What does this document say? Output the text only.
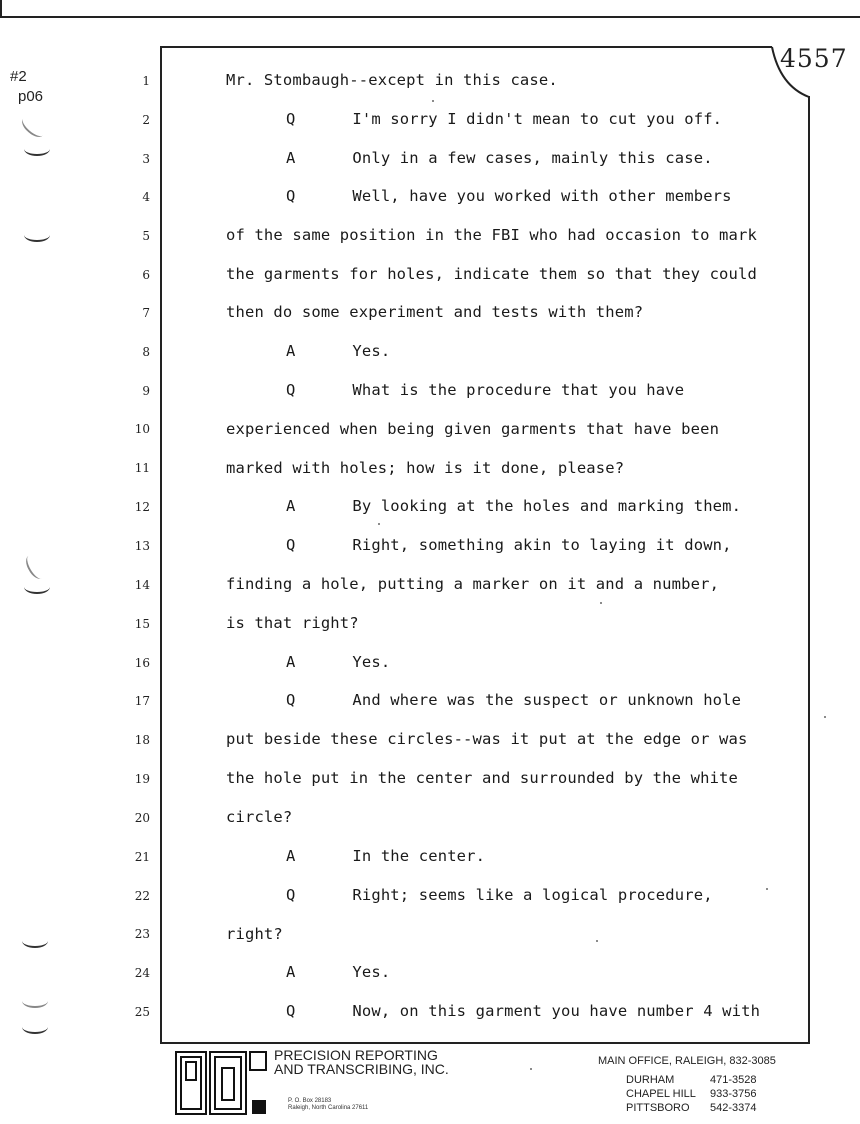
#2
p06
4557
1
2
3
4
5
6
7
8
9
10
11
12
13
14
15
16
17
18
19
20
21
22
23
24
25
Mr. Stombaugh--except in this case.
Q      I'm sorry I didn't mean to cut you off.
A      Only in a few cases, mainly this case.
Q      Well, have you worked with other members
of the same position in the FBI who had occasion to mark
the garments for holes, indicate them so that they could
then do some experiment and tests with them?
A      Yes.
Q      What is the procedure that you have
experienced when being given garments that have been
marked with holes; how is it done, please?
A      By looking at the holes and marking them.
Q      Right, something akin to laying it down,
finding a hole, putting a marker on it and a number,
is that right?
A      Yes.
Q      And where was the suspect or unknown hole
put beside these circles--was it put at the edge or was
the hole put in the center and surrounded by the white
circle?
A      In the center.
Q      Right; seems like a logical procedure,
right?
A      Yes.
Q      Now, on this garment you have number 4 with
P&T
PRECISION REPORTING
AND TRANSCRIBING, INC.
P. O. Box 28183
Raleigh, North Carolina 27611
MAIN OFFICE, RALEIGH, 832-3085
DURHAM	471-3528
CHAPEL HILL 933-3756
PITTSBORO 542-3374
